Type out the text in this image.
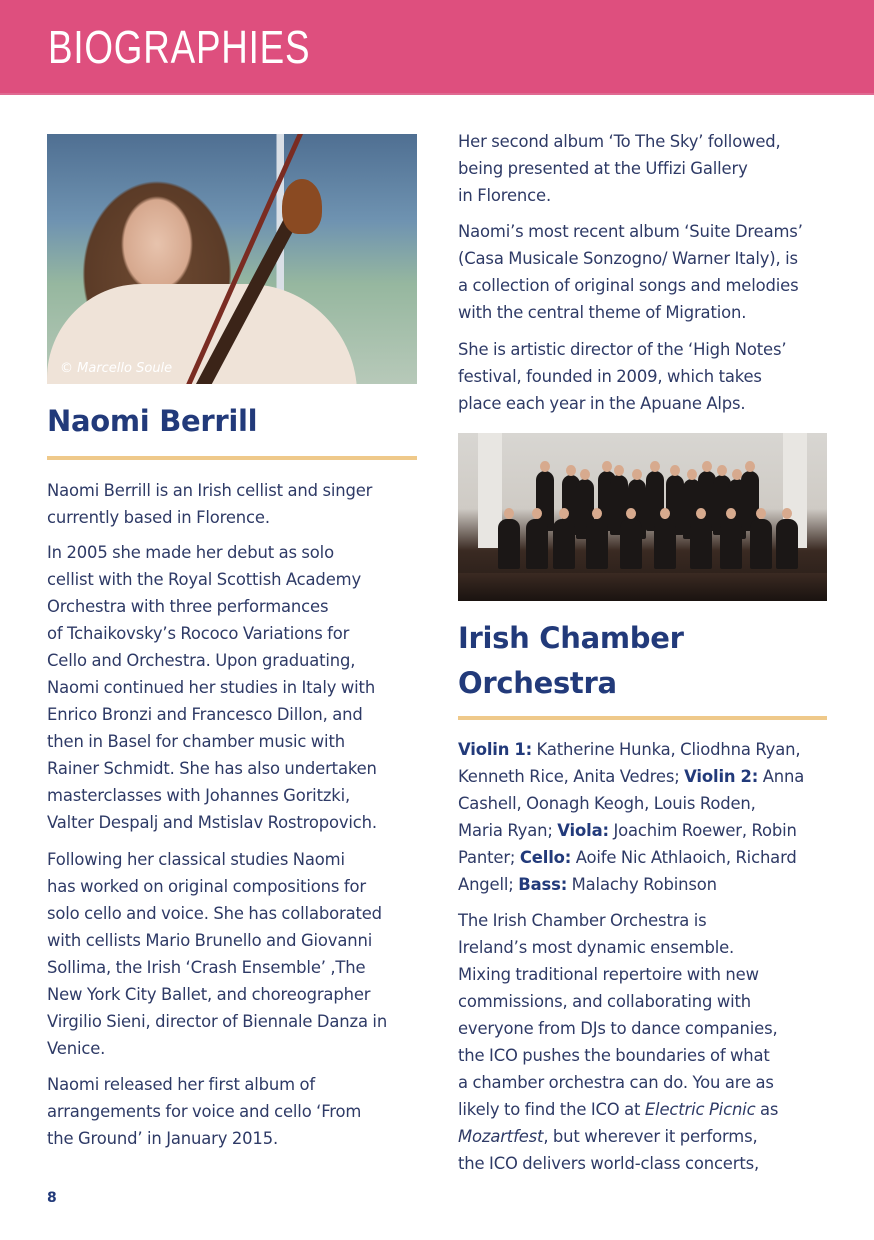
BIOGRAPHIES
© Marcello Soule
Naomi Berrill

Naomi Berrill is an Irish cellist and singer
currently based in Florence.

In 2005 she made her debut as solo
cellist with the Royal Scottish Academy
Orchestra with three performances
of Tchaikovsky’s Rococo Variations for
Cello and Orchestra. Upon graduating,
Naomi continued her studies in Italy with
Enrico Bronzi and Francesco Dillon, and
then in Basel for chamber music with
Rainer Schmidt. She has also undertaken
masterclasses with Johannes Goritzki,
Valter Despalj and Mstislav Rostropovich.

Following her classical studies Naomi
has worked on original compositions for
solo cello and voice. She has collaborated
with cellists Mario Brunello and Giovanni
Sollima, the Irish ‘Crash Ensemble’ ,The
New York City Ballet, and choreographer
Virgilio Sieni, director of Biennale Danza in
Venice.

Naomi released her first album of
arrangements for voice and cello ‘From
the Ground’ in January 2015.

Her second album ‘To The Sky’ followed,
being presented at the Uffizi Gallery
in Florence.

Naomi’s most recent album ‘Suite Dreams’
(Casa Musicale Sonzogno/ Warner Italy), is
a collection of original songs and melodies
with the central theme of Migration.

She is artistic director of the ‘High Notes’
festival, founded in 2009, which takes
place each year in the Apuane Alps.

Irish Chamber
Orchestra

Violin 1: Katherine Hunka, Cliodhna Ryan,
Kenneth Rice, Anita Vedres; Violin 2: Anna
Cashell, Oonagh Keogh, Louis Roden,
Maria Ryan; Viola: Joachim Roewer, Robin
Panter; Cello: Aoife Nic Athlaoich, Richard
Angell; Bass: Malachy Robinson

The Irish Chamber Orchestra is
Ireland’s most dynamic ensemble.
Mixing traditional repertoire with new
commissions, and collaborating with
everyone from DJs to dance companies,
the ICO pushes the boundaries of what
a chamber orchestra can do. You are as
likely to find the ICO at Electric Picnic as
Mozartfest, but wherever it performs,
the ICO delivers world-class concerts,

8
